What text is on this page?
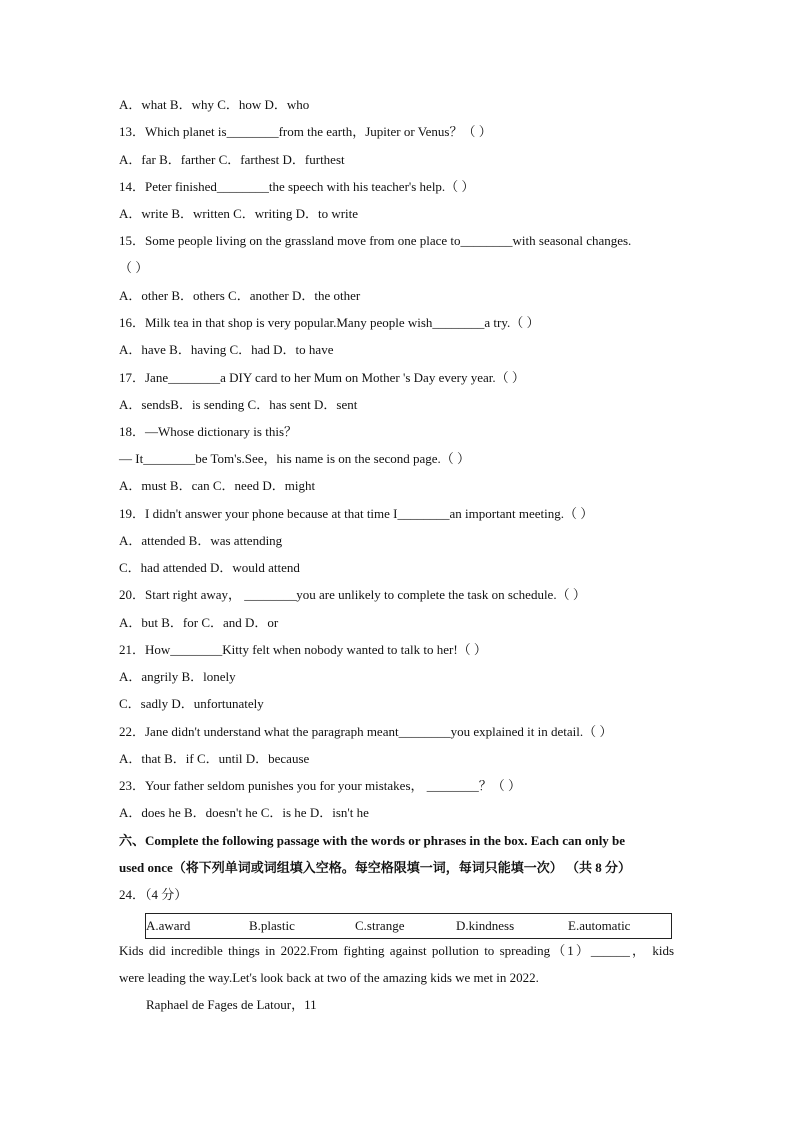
A．what B．why C．how D．who
13．Which planet is________from the earth，Jupiter or Venus？（ ）
A．far B．farther C．farthest D．furthest
14．Peter finished________the speech with his teacher's help.（ ）
A．write B．written C．writing D．to write
15．Some people living on the grassland move from one place to________with seasonal changes.
（ ）
A．other B．others C．another D．the other
16．Milk tea in that shop is very popular.Many people wish________a try.（ ）
A．have B．having C．had D．to have
17．Jane________a DIY card to her Mum on Mother 's Day every year.（ ）
A．sendsB．is sending C．has sent D．sent
18．—Whose dictionary is this？
— It________be Tom's.See，his name is on the second page.（ ）
A．must B．can C．need D．might
19．I didn't answer your phone because at that time I________an important meeting.（ ）
A．attended B．was attending
C．had attended D．would attend
20．Start right away， ________you are unlikely to complete the task on schedule.（ ）
A．but B．for C．and D．or
21．How________Kitty felt when nobody wanted to talk to her!（ ）
A．angrily B．lonely
C．sadly D．unfortunately
22．Jane didn't understand what the paragraph meant________you explained it in detail.（ ）
A．that B．if C．until D．because
23．Your father seldom punishes you for your mistakes， ________？（ ）
A．does he B．doesn't he C．is he D．isn't he
六、Complete the following passage with the words or phrases in the box. Each can only be
used once（将下列单词或词组填入空格。每空格限填一词，每词只能填一次） （共 8 分）
24．（4 分）
A.award	B.plastic	C.strange	D.kindness	E.automatic
Kids did incredible things in 2022.From fighting against pollution to spreading（1）______， kids
were leading the way.Let's look back at two of the amazing kids we met in 2022.
Raphael de Fages de Latour，11
